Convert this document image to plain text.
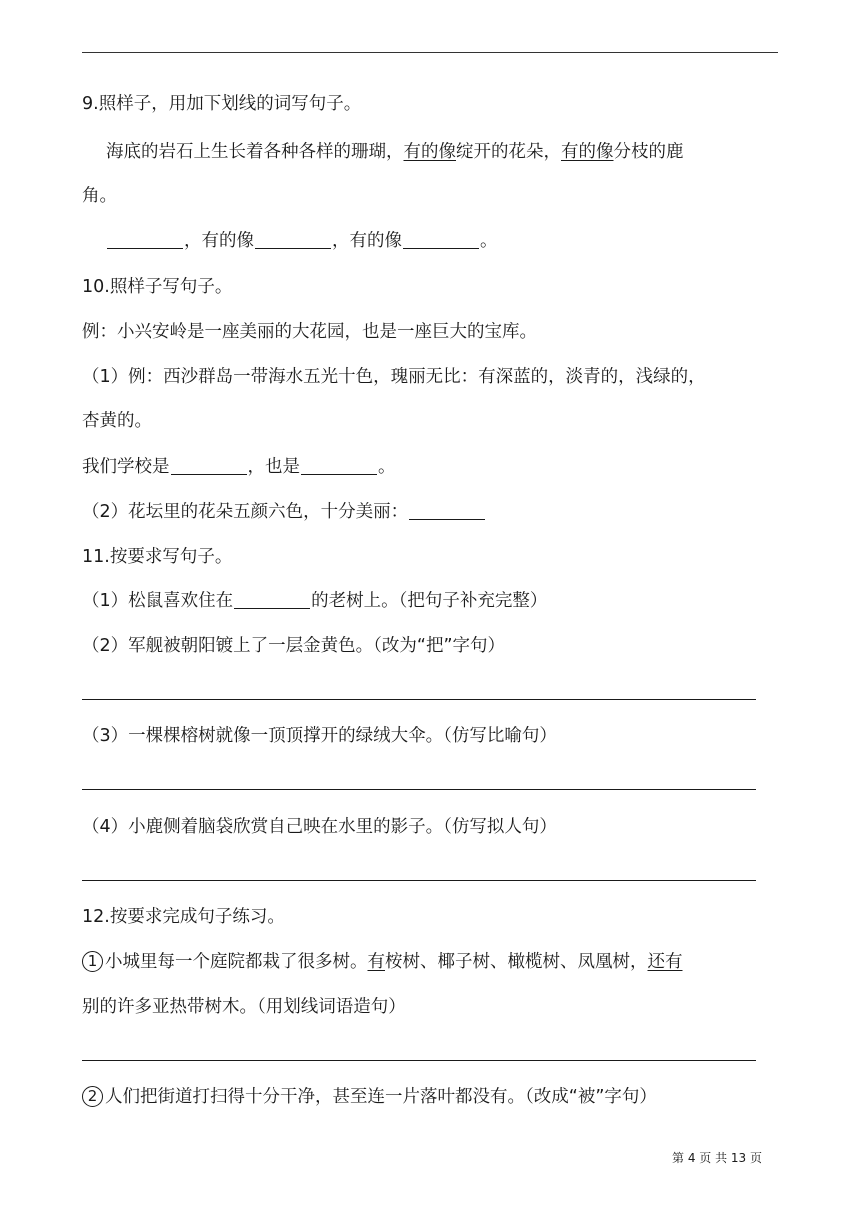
9.照样子，用加下划线的词写句子。
海底的岩石上生长着各种各样的珊瑚，有的像绽开的花朵，有的像分枝的鹿
角。
，有的像	，有的像	。
10.照样子写句子。
例：小兴安岭是一座美丽的大花园，也是一座巨大的宝库。
（1）例：西沙群岛一带海水五光十色，瑰丽无比：有深蓝的，淡青的，浅绿的，
杏黄的。
我们学校是	，也是	。
（2）花坛里的花朵五颜六色，十分美丽：
11.按要求写句子。
（1）松鼠喜欢住在	的老树上。（把句子补充完整）
（2）军舰被朝阳镀上了一层金黄色。（改为“把”字句）
（3）一棵棵榕树就像一顶顶撑开的绿绒大伞。（仿写比喻句）
（4）小鹿侧着脑袋欣赏自己映在水里的影子。（仿写拟人句）
12.按要求完成句子练习。
1 小城里每一个庭院都栽了很多树。有桉树、椰子树、橄榄树、凤凰树，还有
别的许多亚热带树木。（用划线词语造句）
2 人们把街道打扫得十分干净，甚至连一片落叶都没有。（改成“被”字句）
第 4 页 共 13 页
